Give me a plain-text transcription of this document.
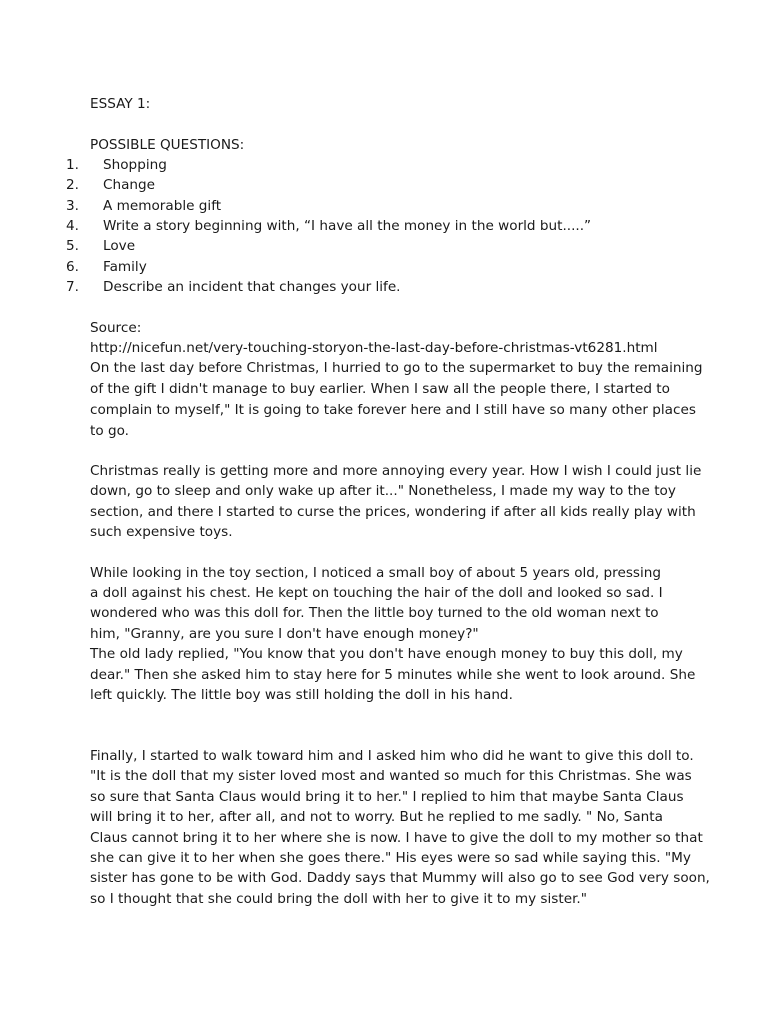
ESSAY 1:
POSSIBLE QUESTIONS:
1. Shopping
2. Change
3. A memorable gift
4. Write a story beginning with, “I have all the money in the world but.....”
5. Love
6. Family
7. Describe an incident that changes your life.
Source:
http://nicefun.net/very-touching-storyon-the-last-day-before-christmas-vt6281.html
On the last day before Christmas, I hurried to go to the supermarket to buy the remaining
of the gift I didn't manage to buy earlier. When I saw all the people there, I started to
complain to myself," It is going to take forever here and I still have so many other places
to go.
Christmas really is getting more and more annoying every year. How I wish I could just lie
down, go to sleep and only wake up after it..." Nonetheless, I made my way to the toy
section, and there I started to curse the prices, wondering if after all kids really play with
such expensive toys.
While looking in the toy section, I noticed a small boy of about 5 years old, pressing
a doll against his chest. He kept on touching the hair of the doll and looked so sad. I
wondered who was this doll for. Then the little boy turned to the old woman next to
him, "Granny, are you sure I don't have enough money?"
The old lady replied, "You know that you don't have enough money to buy this doll, my
dear." Then she asked him to stay here for 5 minutes while she went to look around. She
left quickly. The little boy was still holding the doll in his hand.
Finally, I started to walk toward him and I asked him who did he want to give this doll to.
"It is the doll that my sister loved most and wanted so much for this Christmas. She was
so sure that Santa Claus would bring it to her." I replied to him that maybe Santa Claus
will bring it to her, after all, and not to worry. But he replied to me sadly. " No, Santa
Claus cannot bring it to her where she is now. I have to give the doll to my mother so that
she can give it to her when she goes there." His eyes were so sad while saying this. "My
sister has gone to be with God. Daddy says that Mummy will also go to see God very soon,
so I thought that she could bring the doll with her to give it to my sister."
